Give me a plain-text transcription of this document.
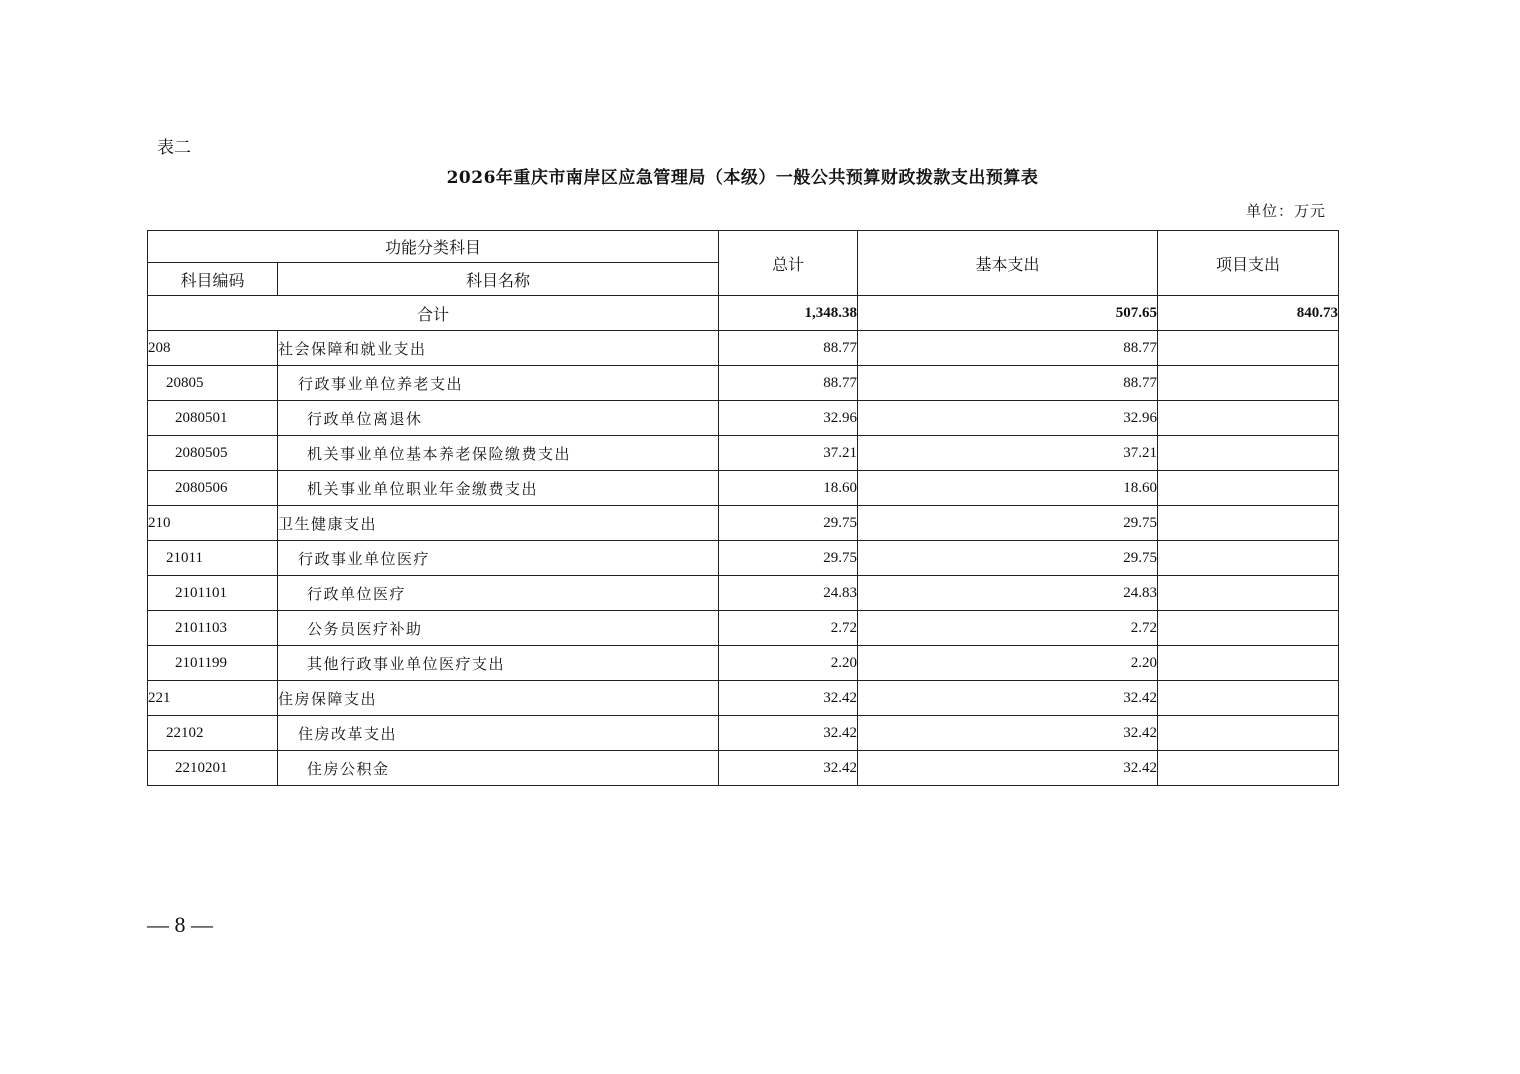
表二
2026年重庆市南岸区应急管理局（本级）一般公共预算财政拨款支出预算表
单位：万元
功能分类科目		总计	基本支出	项目支出
科目编码	科目名称			
合计		1,348.38	507.65	840.73
208	社会保障和就业支出	88.77	88.77	
20805	行政事业单位养老支出	88.77	88.77	
2080501	行政单位离退休	32.96	32.96	
2080505	机关事业单位基本养老保险缴费支出	37.21	37.21	
2080506	机关事业单位职业年金缴费支出	18.60	18.60	
210	卫生健康支出	29.75	29.75	
21011	行政事业单位医疗	29.75	29.75	
2101101	行政单位医疗	24.83	24.83	
2101103	公务员医疗补助	2.72	2.72	
2101199	其他行政事业单位医疗支出	2.20	2.20	
221	住房保障支出	32.42	32.42	
22102	住房改革支出	32.42	32.42	
2210201	住房公积金	32.42	32.42	
— 8 —
